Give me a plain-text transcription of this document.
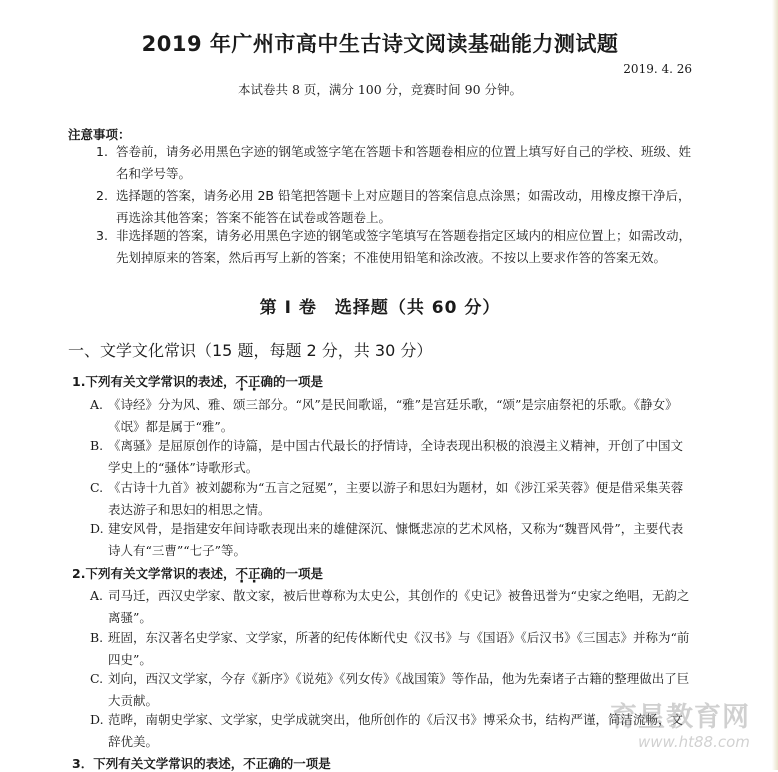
2019 年广州市高中生古诗文阅读基础能力测试题
2019. 4. 26
本试卷共 8 页，满分 100 分，竞赛时间 90 分钟。
注意事项：
1. 答卷前，请务必用黑色字迹的钢笔或签字笔在答题卡和答题卷相应的位置上填写好自己的学校、班级、姓名和学号等。
2. 选择题的答案，请务必用 2B 铅笔把答题卡上对应题目的答案信息点涂黑；如需改动，用橡皮擦干净后，再选涂其他答案；答案不能答在试卷或答题卷上。
3. 非选择题的答案，请务必用黑色字迹的钢笔或签字笔填写在答题卷指定区域内的相应位置上；如需改动，先划掉原来的答案，然后再写上新的答案；不准使用铅笔和涂改液。不按以上要求作答的答案无效。
第 I 卷　选择题（共 60 分）
一、文学文化常识（15 题，每题 2 分，共 30 分）
1.下列有关文学常识的表述，不正确的一项是
A. 《诗经》分为风、雅、颂三部分。“风”是民间歌谣，“雅”是宫廷乐歌，“颂”是宗庙祭祀的乐歌。《静女》《氓》都是属于“雅”。
B. 《离骚》是屈原创作的诗篇，是中国古代最长的抒情诗，全诗表现出积极的浪漫主义精神，开创了中国文学史上的“骚体”诗歌形式。
C. 《古诗十九首》被刘勰称为“五言之冠冕”，主要以游子和思妇为题材，如《涉江采芙蓉》便是借采集芙蓉表达游子和思妇的相思之情。
D. 建安风骨，是指建安年间诗歌表现出来的雄健深沉、慷慨悲凉的艺术风格，又称为“魏晋风骨”，主要代表诗人有“三曹”“七子”等。
2.下列有关文学常识的表述，不正确的一项是
A. 司马迁，西汉史学家、散文家，被后世尊称为太史公，其创作的《史记》被鲁迅誉为“史家之绝唱，无韵之离骚”。
B. 班固，东汉著名史学家、文学家，所著的纪传体断代史《汉书》与《国语》《后汉书》《三国志》并称为“前四史”。
C. 刘向，西汉文学家，今存《新序》《说苑》《列女传》《战国策》等作品，他为先秦诸子古籍的整理做出了巨大贡献。
D. 范晔，南朝史学家、文学家，史学成就突出，他所创作的《后汉书》博采众书，结构严谨，简洁流畅，文辞优美。
3．下列有关文学常识的表述，不正确的一项是
育星教育网
www.ht88.com
